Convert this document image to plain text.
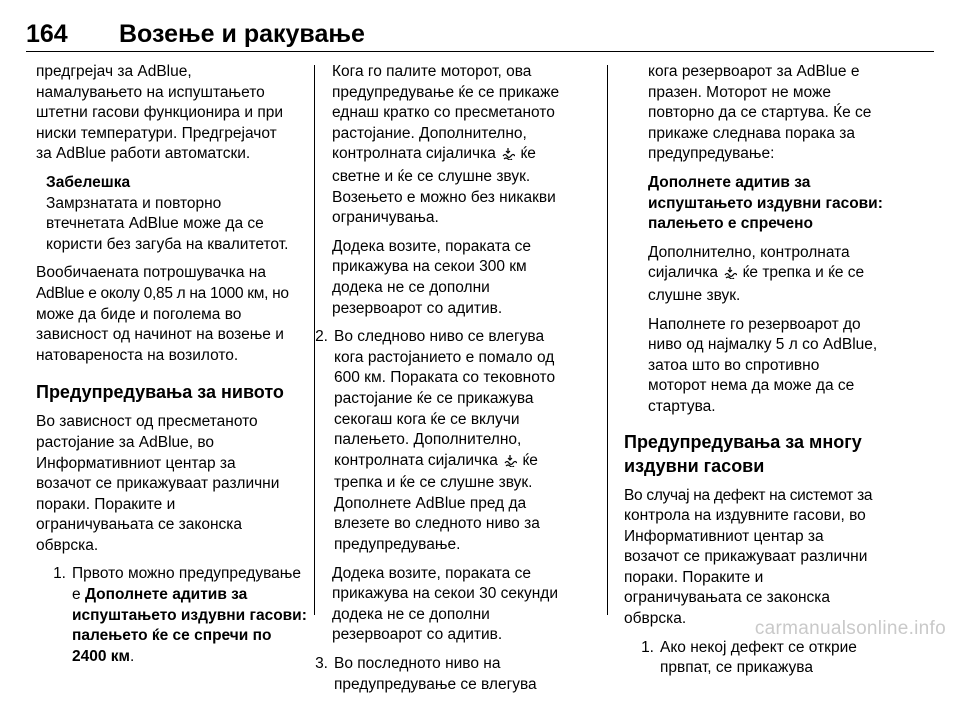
164 Возење и ракување

предгрејач за AdBlue,
намалувањето на испуштањето
штетни гасови функционира и при
ниски температури. Предгрејачот
за AdBlue работи автоматски.

Забелешка
Замрзнатата и повторно
втечнетата AdBlue може да се
користи без загуба на квалитетот.

Вообичаената потрошувачка на
AdBlue е околу 0,85 л на 1000 км, но
може да биде и поголема во
зависност од начинот на возење и
натовареноста на возилото.

Предупредувања за нивото

Во зависност од пресметаното
растојание за AdBlue, во
Информативниот центар за
возачот се прикажуваат различни
пораки. Пораките и
ограничувањата се законска
обврска.

1. Првото можно предупредување
е Дополнете адитив за
испуштањето издувни гасови:
палењето ќе се спречи по
2400 км.

Кога го палите моторот, ова
предупредување ќе се прикаже
еднаш кратко со пресметаното
растојание. Дополнително,
контролната сијаличка  ќе
светне и ќе се слушне звук.
Возењето е можно без никакви
ограничувања.

Додека возите, пораката се
прикажува на секои 300 км
додека не се дополни
резервоарот со адитив.

2. Во следново ниво се влегува
кога растојанието е помало од
600 км. Пораката со тековното
растојание ќе се прикажува
секогаш кога ќе се вклучи
палењето. Дополнително,
контролната сијаличка  ќе
трепка и ќе се слушне звук.
Дополнете AdBlue пред да
влезете во следното ниво за
предупредување.

Додека возите, пораката се
прикажува на секои 30 секунди
додека не се дополни
резервоарот со адитив.

3. Во последното ниво на
предупредување се влегува

кога резервоарот за AdBlue е
празен. Моторот не може
повторно да се стартува. Ќе се
прикаже следнава порака за
предупредување:

Дополнете адитив за
испуштањето издувни гасови:
палењето е спречено

Дополнително, контролната
сијаличка  ќе трепка и ќе се
слушне звук.

Наполнете го резервоарот до
ниво од најмалку 5 л со AdBlue,
затоа што во спротивно
моторот нема да може да се
стартува.

Предупредувања за многу
издувни гасови

Во случај на дефект на системот за
контрола на издувните гасови, во
Информативниот центар за
возачот се прикажуваат различни
пораки. Пораките и
ограничувањата се законска
обврска.

1. Ако некој дефект се открие
првпат, се прикажува
carmanualsonline.info
